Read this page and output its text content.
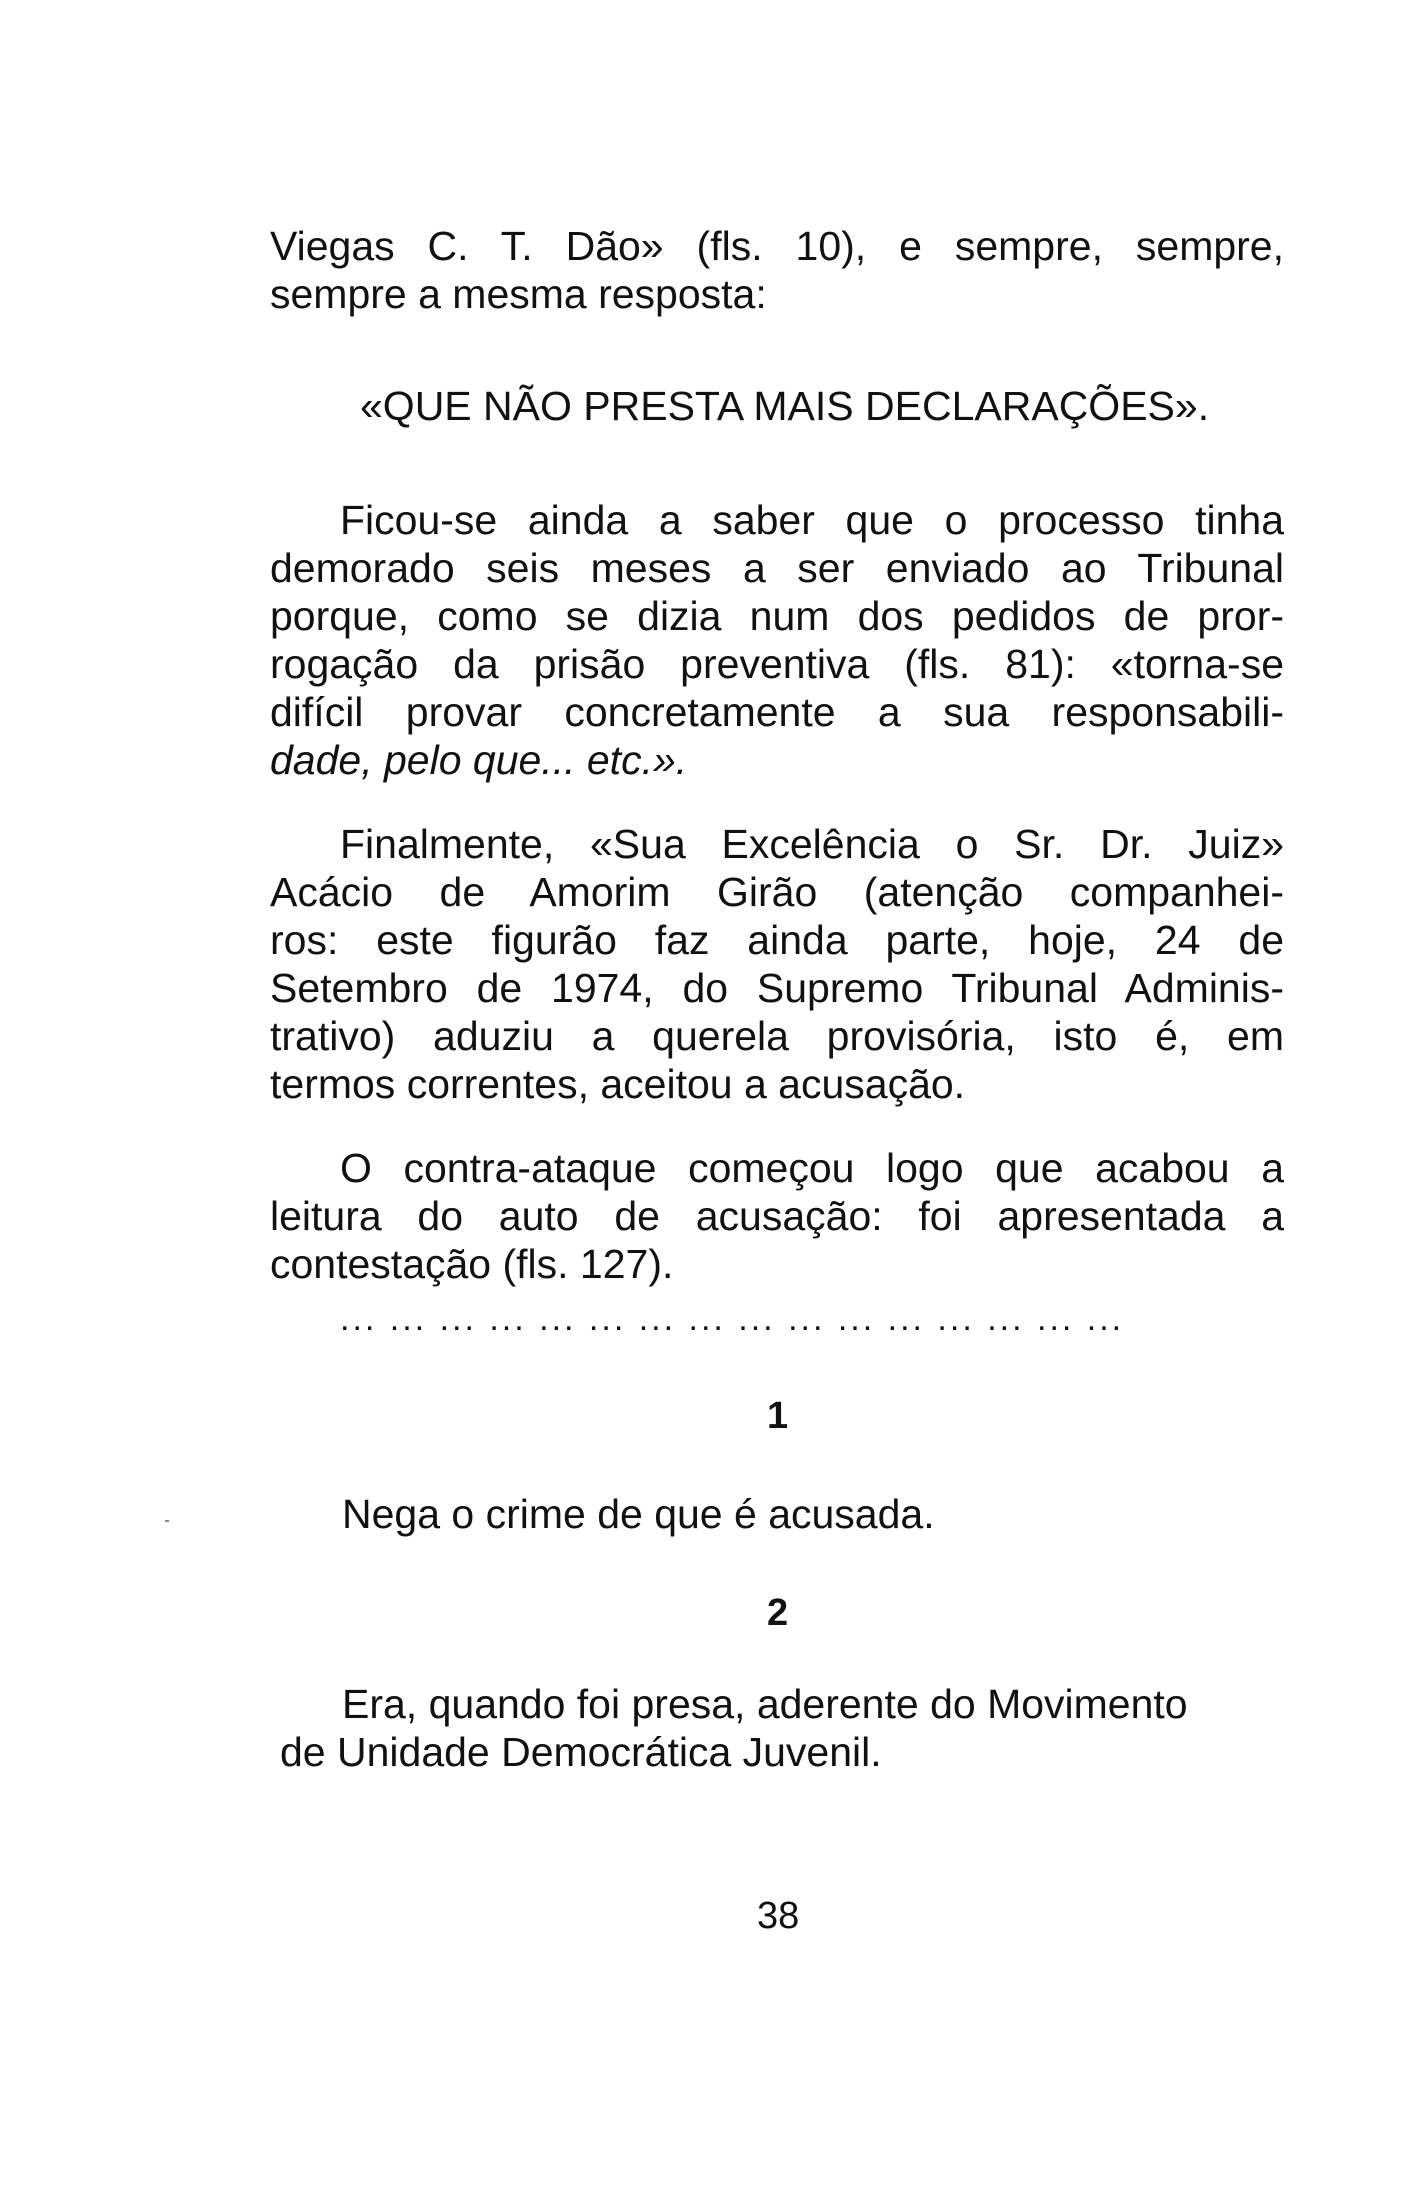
Viegas C. T. Dão» (fls. 10), e sempre, sempre,
sempre a mesma resposta:

«QUE NÃO PRESTA MAIS DECLARAÇÕES».

Ficou-se ainda a saber que o processo tinha
demorado seis meses a ser enviado ao Tribunal
porque, como se dizia num dos pedidos de pror-
rogação da prisão preventiva (fls. 81): «torna-se
difícil provar concretamente a sua responsabili-
dade, pelo que... etc.».
Finalmente, «Sua Excelência o Sr. Dr. Juiz»
Acácio de Amorim Girão (atenção companhei-
ros: este figurão faz ainda parte, hoje, 24 de
Setembro de 1974, do Supremo Tribunal Adminis-
trativo) aduziu a querela provisória, isto é, em
termos correntes, aceitou a acusação.
O contra-ataque começou logo que acabou a
leitura do auto de acusação: foi apresentada a
contestação (fls. 127).

... ... ... ... ... ... ... ... ... ... ... ... ... ... ... ...

1

Nega o crime de que é acusada.

2

Era, quando foi presa, aderente do Movimento
de Unidade Democrática Juvenil.

38
